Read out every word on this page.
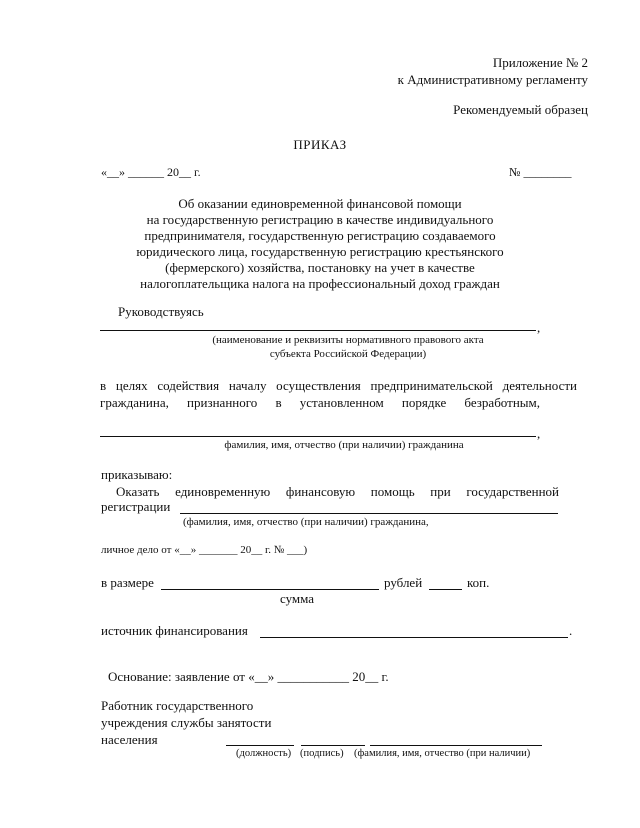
Приложение № 2
к Административному регламенту
Рекомендуемый образец
ПРИКАЗ
«__» ______ 20__ г.	№ ________
Об оказании единовременной финансовой помощи
на государственную регистрацию в качестве индивидуального
предпринимателя, государственную регистрацию создаваемого
юридического лица, государственную регистрацию крестьянского
(фермерского) хозяйства, постановку на учет в качестве
налогоплательщика налога на профессиональный доход граждан
Руководствуясь
,
(наименование и реквизиты нормативного правового акта
субъекта Российской Федерации)
в целях содействия началу осуществления предпринимательской деятельности
гражданина, признанного в установленном порядке безработным,
,
фамилия, имя, отчество (при наличии) гражданина
приказываю:
Оказать единовременную финансовую помощь при государственной
регистрации
(фамилия, имя, отчество (при наличии) гражданина,
личное дело от «__» _______ 20__ г. № ___)
в размере	рублей	коп.
сумма
источник финансирования	.
Основание: заявление от «__» ___________ 20__ г.
Работник государственного
учреждения службы занятости
населения
(должность) (подпись) (фамилия, имя, отчество (при наличии)
